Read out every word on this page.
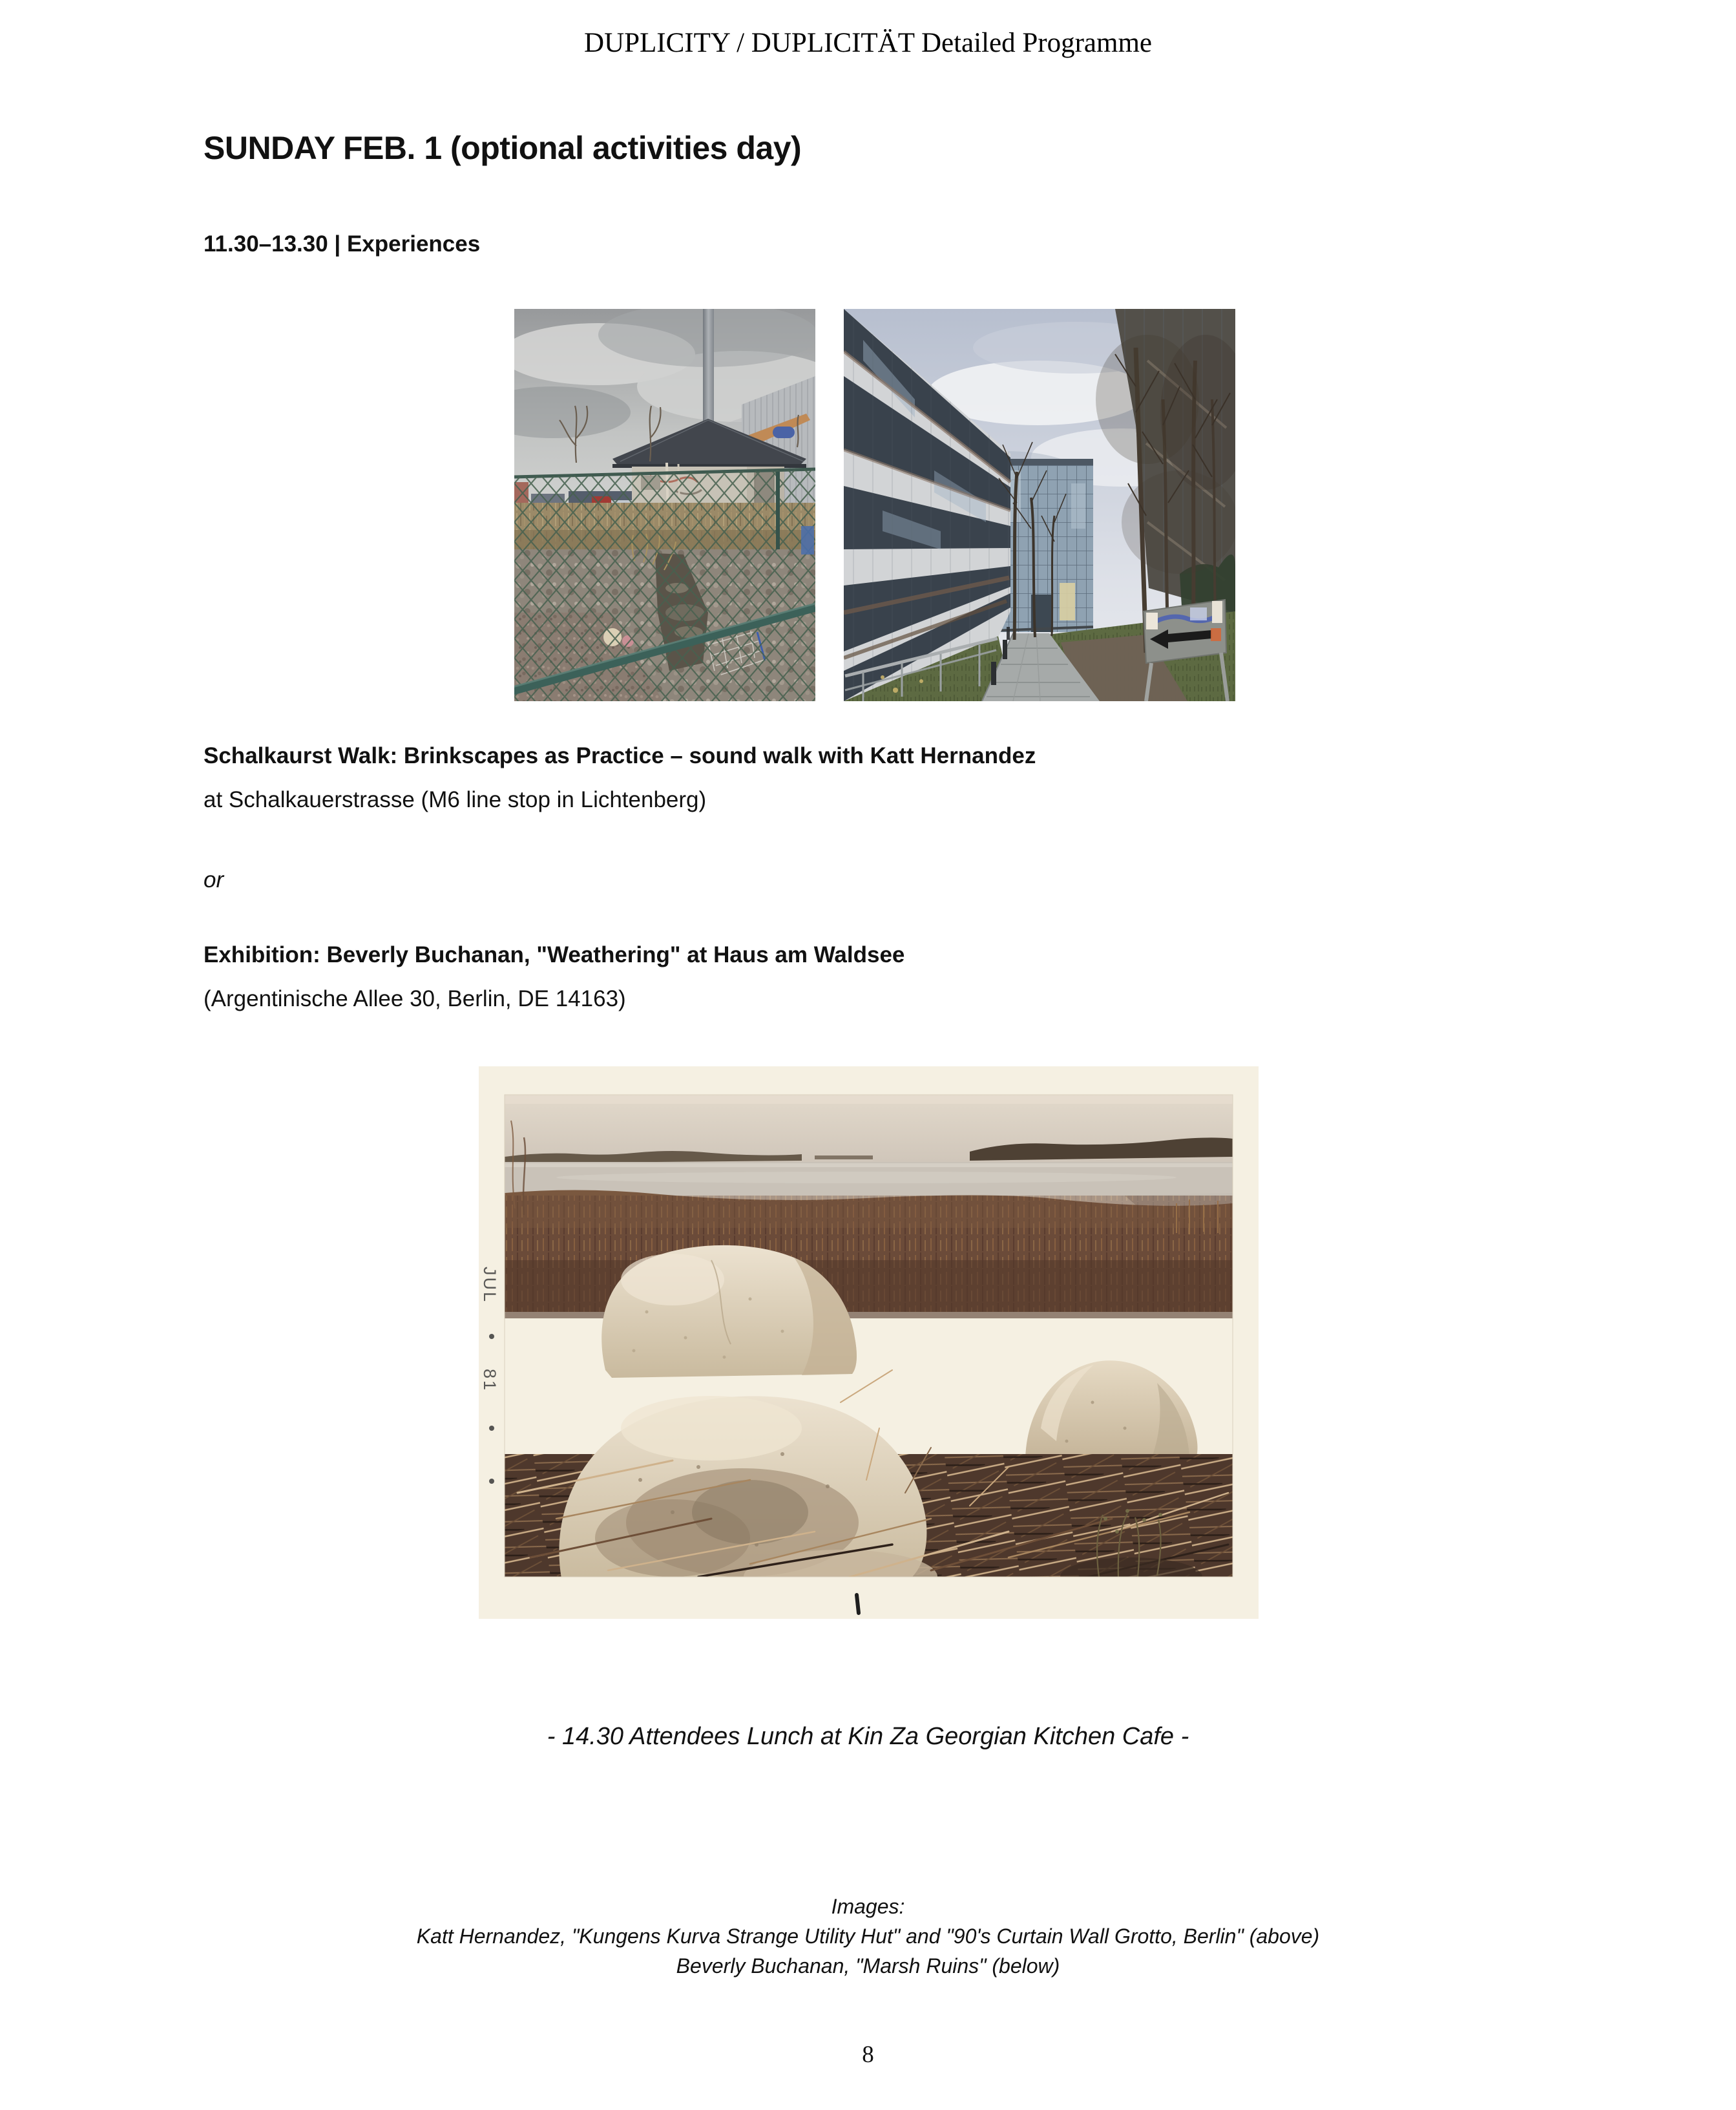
DUPLICITY / DUPLICITÄT Detailed Programme

SUNDAY FEB. 1 (optional activities day)
11.30–13.30 | Experiences

Schalkaurst Walk: Brinkscapes as Practice – sound walk with Katt Hernandez

at Schalkauerstrasse (M6 line stop in Lichtenberg)

or

Exhibition: Beverly Buchanan, "Weathering" at Haus am Waldsee

(Argentinische Allee 30, Berlin, DE 14163)

JUL
81

- 14.30 Attendees Lunch at Kin Za Georgian Kitchen Cafe -

Images:

Katt Hernandez, "Kungens Kurva Strange Utility Hut" and "90's Curtain Wall Grotto, Berlin" (above)

Beverly Buchanan, "Marsh Ruins" (below)

8
